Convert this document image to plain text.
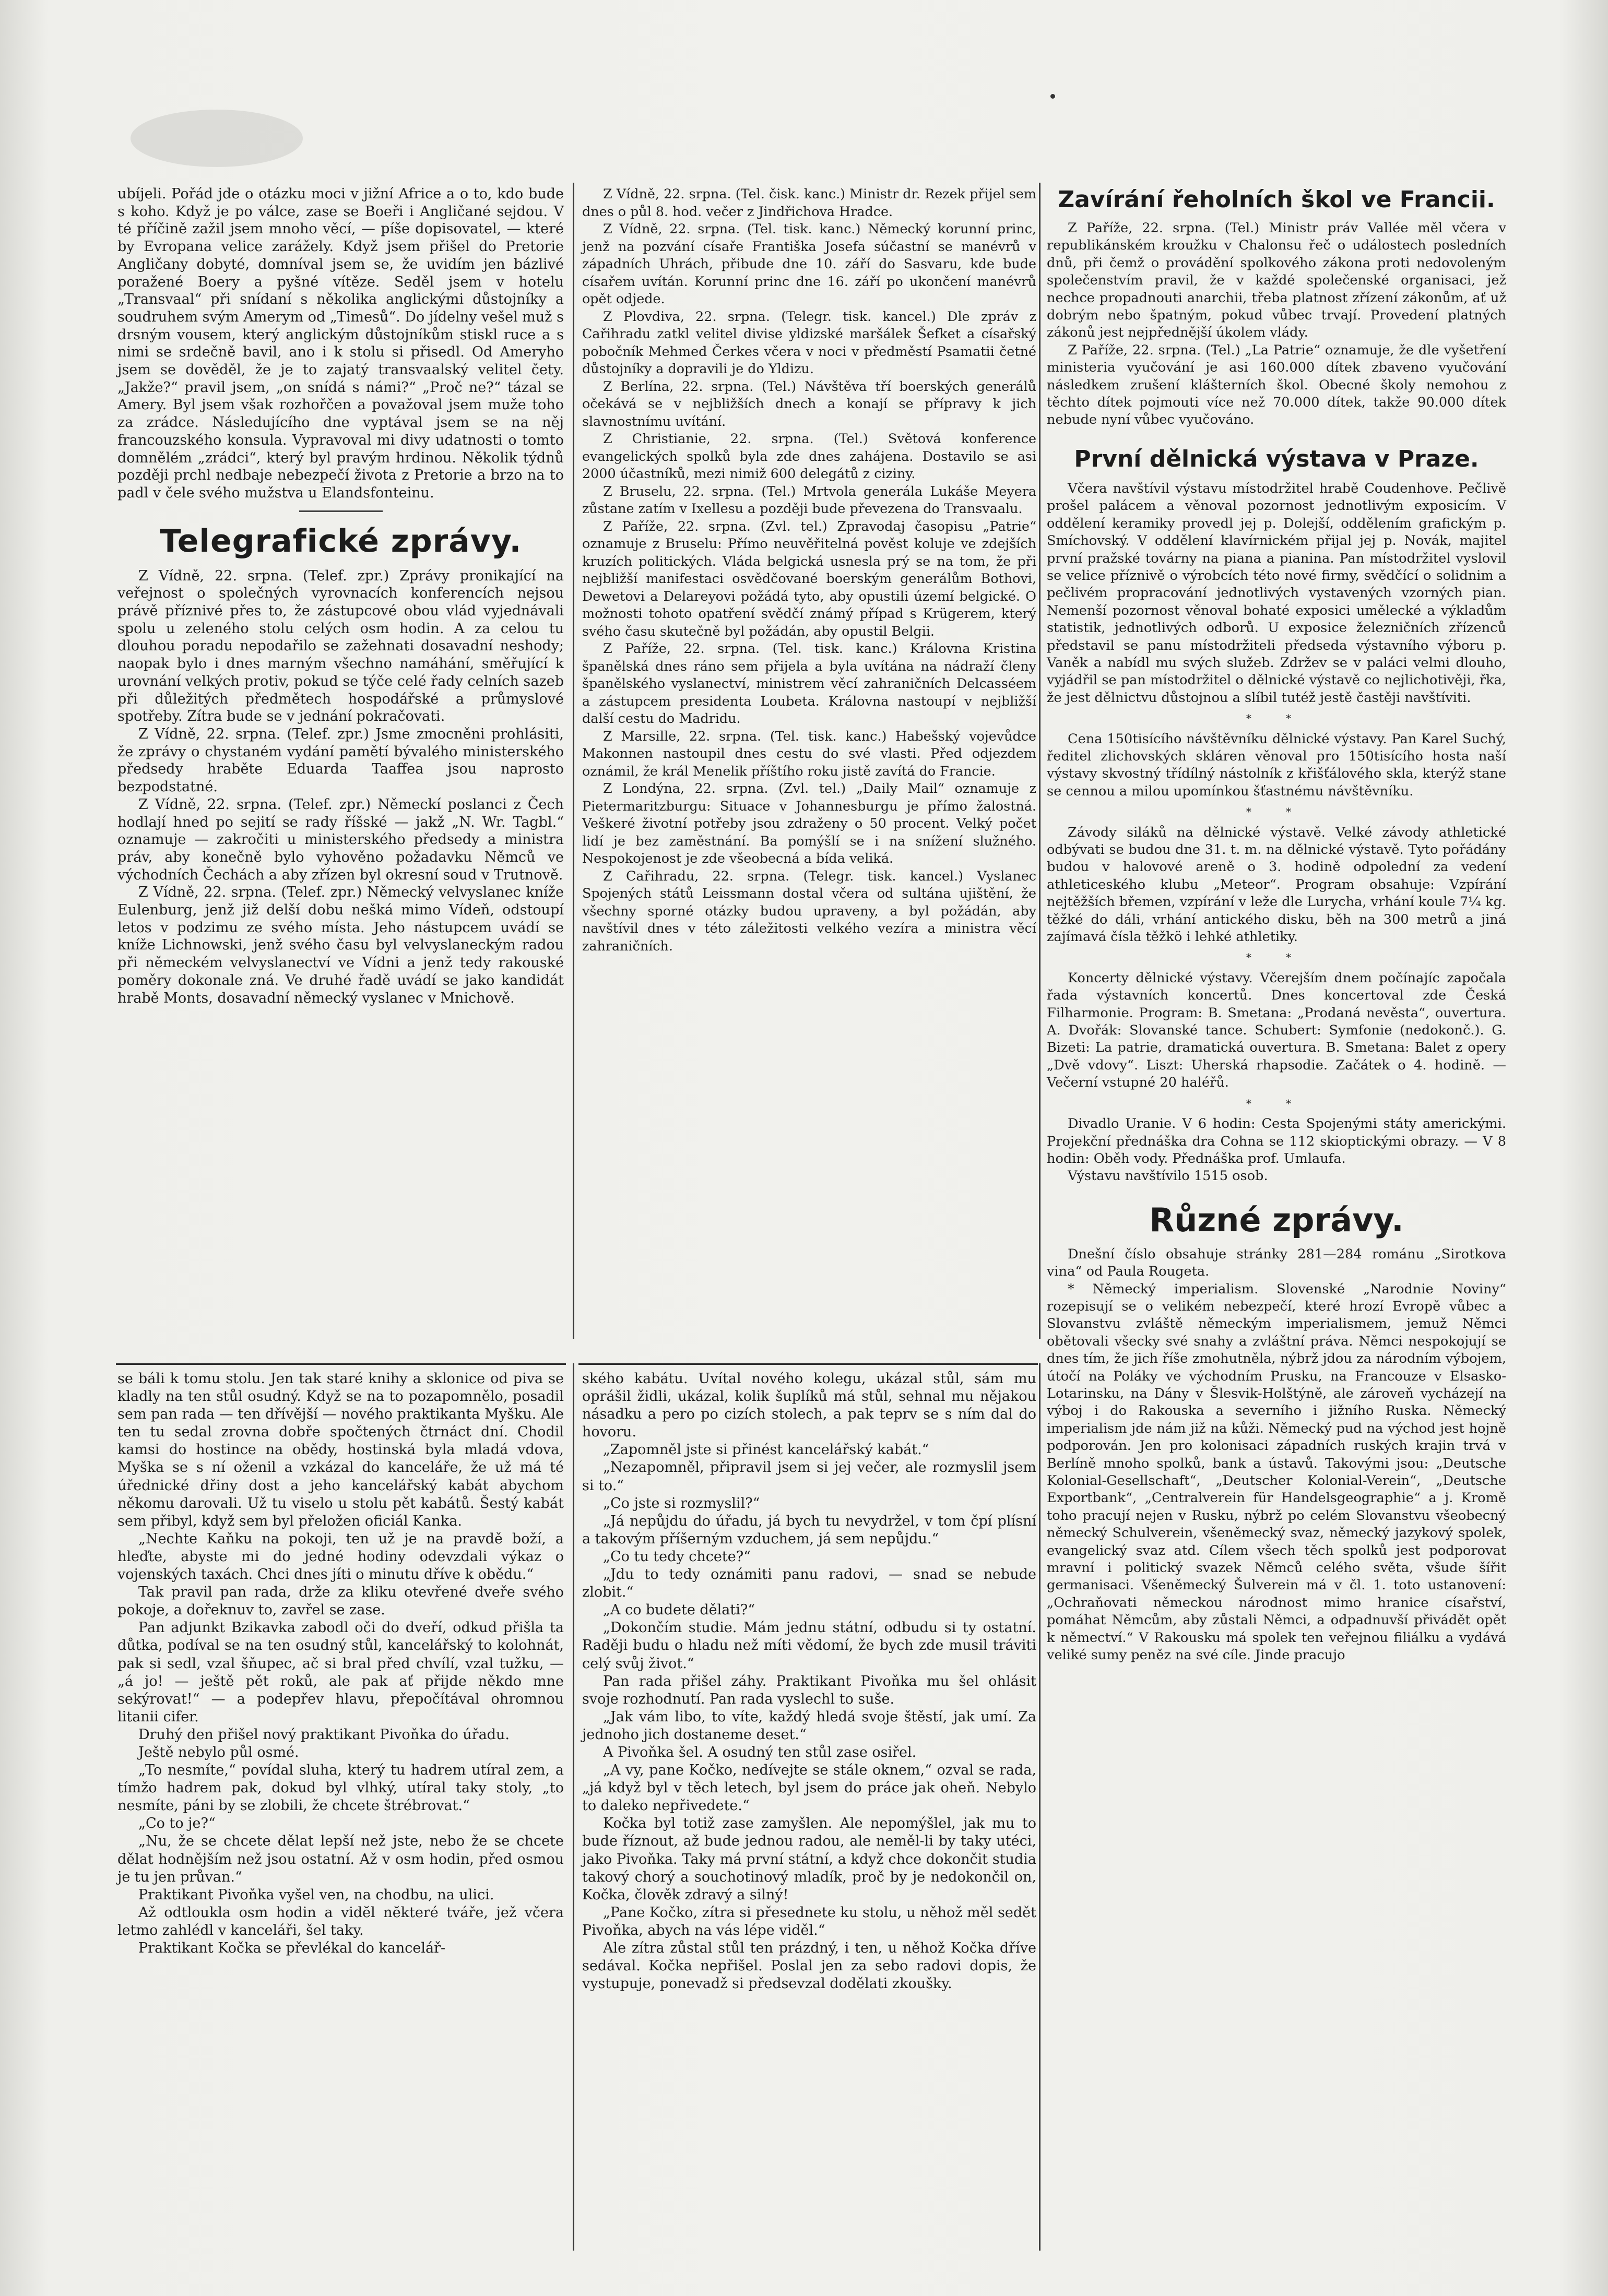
ubíjeli. Pořád jde o otázku moci v jižní Africe a o to, kdo bude s koho. Když je po válce, zase se Boeři i Angličané sejdou. V té příčině zažil jsem mnoho věcí, — píše dopisovatel, — které by Evropana velice zarážely. Když jsem přišel do Pretorie Angličany dobyté, domníval jsem se, že uvidím jen bázlivé poražené Boery a pyšné vítěze. Seděl jsem v hotelu „Transvaal“ při snídaní s několika anglickými důstojníky a soudruhem svým Amerym od „Timesů“. Do jídelny vešel muž s drsným vousem, který anglickým důstojníkům stiskl ruce a s nimi se srdečně bavil, ano i k stolu si přisedl. Od Ameryho jsem se dověděl, že je to zajatý transvaalský velitel čety. „Jakže?“ pravil jsem, „on snídá s námi?“ „Proč ne?“ tázal se Amery. Byl jsem však rozhořčen a považoval jsem muže toho za zrádce. Následujícího dne vyptával jsem se na něj francouzského konsula. Vypravoval mi divy udatnosti o tomto domnělém „zrádci“, který byl pravým hrdinou. Několik týdnů později prchl nedbaje nebezpečí života z Pretorie a brzo na to padl v čele svého mužstva u Elandsfonteinu.

Telegrafické zprávy.

Z Vídně, 22. srpna. (Telef. zpr.) Zprávy pronikající na veřejnost o společných vyrovnacích konferencích nejsou právě příznivé přes to, že zástupcové obou vlád vyjednávali spolu u zeleného stolu celých osm hodin. A za celou tu dlouhou poradu nepodařilo se zažehnati dosavadní neshody; naopak bylo i dnes marným všechno namáhání, směřující k urovnání velkých protiv, pokud se týče celé řady celních sazeb při důležitých předmětech hospodářské a průmyslové spotřeby. Zítra bude se v jednání pokračovati.

Z Vídně, 22. srpna. (Telef. zpr.) Jsme zmocněni prohlásiti, že zprávy o chystaném vydání pamětí bývalého ministerského předsedy hraběte Eduarda Taaffea jsou naprosto bezpodstatné.

Z Vídně, 22. srpna. (Telef. zpr.) Německí poslanci z Čech hodlají hned po sejití se rady říšské — jakž „N. Wr. Tagbl.“ oznamuje — zakročiti u ministerského předsedy a ministra práv, aby konečně bylo vyhověno požadavku Němců ve východních Čechách a aby zřízen byl okresní soud v Trutnově.

Z Vídně, 22. srpna. (Telef. zpr.) Německý velvyslanec kníže Eulenburg, jenž již delší dobu nešká mimo Vídeň, odstoupí letos v podzimu ze svého místa. Jeho nástupcem uvádí se kníže Lichnowski, jenž svého času byl velvyslaneckým radou při německém velvyslanectví ve Vídni a jenž tedy rakouské poměry dokonale zná. Ve druhé řadě uvádí se jako kandidát hrabě Monts, dosavadní německý vyslanec v Mnichově.

Z Vídně, 22. srpna. (Tel. čisk. kanc.) Ministr dr. Rezek přijel sem dnes o půl 8. hod. večer z Jindřichova Hradce.

Z Vídně, 22. srpna. (Tel. tisk. kanc.) Německý korunní princ, jenž na pozvání císaře Františka Josefa súčastní se manévrů v západních Uhrách, přibude dne 10. září do Sasvaru, kde bude císařem uvítán. Korunní princ dne 16. září po ukončení manévrů opět odjede.

Z Plovdiva, 22. srpna. (Telegr. tisk. kancel.) Dle zpráv z Cařihradu zatkl velitel divise yldizské maršálek Šefket a císařský pobočník Mehmed Čerkes včera v noci v předměstí Psamatii četné důstojníky a dopravili je do Yldizu.

Z Berlína, 22. srpna. (Tel.) Návštěva tří boerských generálů očekává se v nejbližších dnech a konají se přípravy k jich slavnostnímu uvítání.

Z Christianie, 22. srpna. (Tel.) Světová konference evangelických spolků byla zde dnes zahájena. Dostavilo se asi 2000 účastníků, mezi nimiž 600 delegátů z ciziny.

Z Bruselu, 22. srpna. (Tel.) Mrtvola generála Lukáše Meyera zůstane zatím v Ixellesu a později bude převezena do Transvaalu.

Z Paříže, 22. srpna. (Zvl. tel.) Zpravodaj časopisu „Patrie“ oznamuje z Bruselu: Přímo neuvěřitelná pověst koluje ve zdejších kruzích politických. Vláda belgická usnesla prý se na tom, že při nejbližší manifestaci osvědčované boerským generálům Bothovi, Dewetovi a Delareyovi požádá tyto, aby opustili území belgické. O možnosti tohoto opatření svědčí známý případ s Krügerem, který svého času skutečně byl požádán, aby opustil Belgii.

Z Paříže, 22. srpna. (Tel. tisk. kanc.) Královna Kristina španělská dnes ráno sem přijela a byla uvítána na nádraží členy španělského vyslanectví, ministrem věcí zahraničních Delcasséem a zástupcem presidenta Loubeta. Královna nastoupí v nejbližší další cestu do Madridu.

Z Marsille, 22. srpna. (Tel. tisk. kanc.) Habešský vojevůdce Makonnen nastoupil dnes cestu do své vlasti. Před odjezdem oznámil, že král Menelik příštího roku jistě zavítá do Francie.

Z Londýna, 22. srpna. (Zvl. tel.) „Daily Mail“ oznamuje z Pietermaritzburgu: Situace v Johannesburgu je přímo žalostná. Veškeré životní potřeby jsou zdraženy o 50 procent. Velký počet lidí je bez zaměstnání. Ba pomýšlí se i na snížení služného. Nespokojenost je zde všeobecná a bída veliká.

Z Cařihradu, 22. srpna. (Telegr. tisk. kancel.) Vyslanec Spojených států Leissmann dostal včera od sultána ujištění, že všechny sporné otázky budou upraveny, a byl požádán, aby navštívil dnes v této záležitosti velkého vezíra a ministra věcí zahraničních.

Zavírání řeholních škol ve Francii.

Z Paříže, 22. srpna. (Tel.) Ministr práv Vallée měl včera v republikánském kroužku v Chalonsu řeč o událostech posledních dnů, při čemž o provádění spolkového zákona proti nedovoleným společenstvím pravil, že v každé společenské organisaci, jež nechce propadnouti anarchii, třeba platnost zřízení zákonům, ať už dobrým nebo špatným, pokud vůbec trvají. Provedení platných zákonů jest nejpřednější úkolem vlády.

Z Paříže, 22. srpna. (Tel.) „La Patrie“ oznamuje, že dle vyšetření ministeria vyučování je asi 160.000 dítek zbaveno vyučování následkem zrušení klášterních škol. Obecné školy nemohou z těchto dítek pojmouti více než 70.000 dítek, takže 90.000 dítek nebude nyní vůbec vyučováno.

První dělnická výstava v Praze.

Včera navštívil výstavu místodržitel hrabě Coudenhove. Pečlivě prošel palácem a věnoval pozornost jednotlivým exposicím. V oddělení keramiky provedl jej p. Dolejší, oddělením grafickým p. Smíchovský. V oddělení klavírnickém přijal jej p. Novák, majitel první pražské továrny na piana a pianina. Pan místodržitel vyslovil se velice příznivě o výrobcích této nové firmy, svědčící o solidnim a pečlivém propracování jednotlivých vystavených vzorných pian. Nemenší pozornost věnoval bohaté exposici umělecké a výkladům statistik, jednotlivých odborů. U exposice železničních zřízenců představil se panu místodržiteli předseda výstavního výboru p. Vaněk a nabídl mu svých služeb. Zdržev se v paláci velmi dlouho, vyjádřil se pan místodržitel o dělnické výstavě co nejlichotivěji, řka, že jest dělnictvu důstojnou a slíbil tutéž jestě častěji navštíviti.

* *

Cena 150tisícího návštěvníku dělnické výstavy. Pan Karel Suchý, ředitel zlichovských skláren věnoval pro 150tisícího hosta naší výstavy skvostný třídílný nástolník z křišťálového skla, kterýž stane se cennou a milou upomínkou šťastnému návštěvníku.

* *

Závody siláků na dělnické výstavě. Velké závody athletické odbývati se budou dne 31. t. m. na dělnické výstavě. Tyto pořádány budou v halovové areně o 3. hodině odpolední za vedení athleticeského klubu „Meteor“. Program obsahuje: Vzpírání nejtěžších břemen, vzpírání v leže dle Lurycha, vrhání koule 7¼ kg. těžké do dáli, vrhání antického disku, běh na 300 metrů a jiná zajímavá čísla těžkö i lehké athletiky.

* *

Koncerty dělnické výstavy. Včerejším dnem počínajíc započala řada výstavních koncertů. Dnes koncertoval zde Česká Filharmonie. Program: B. Smetana: „Prodaná nevěsta“, ouvertura. A. Dvořák: Slovanské tance. Schubert: Symfonie (nedokonč.). G. Bizeti: La patrie, dramatická ouvertura. B. Smetana: Balet z opery „Dvě vdovy“. Liszt: Uherská rhapsodie. Začátek o 4. hodině. — Večerní vstupné 20 haléřů.

* *

Divadlo Uranie. V 6 hodin: Cesta Spojenými státy americkými. Projekční přednáška dra Cohna se 112 skioptickými obrazy. — V 8 hodin: Oběh vody. Přednáška prof. Umlaufa.

Výstavu navštívilo 1515 osob.

Různé zprávy.

Dnešní číslo obsahuje stránky 281—284 románu „Sirotkova vina“ od Paula Rougeta.

* Německý imperialism. Slovenské „Narodnie Noviny“ rozepisují se o velikém nebezpečí, které hrozí Evropě vůbec a Slovanstvu zvláště německým imperialismem, jemuž Němci obětovali všecky své snahy a zvláštní práva. Němci nespokojují se dnes tím, že jich říše zmohutněla, nýbrž jdou za národním výbojem, útočí na Poláky ve východním Prusku, na Francouze v Elsasko-Lotarinsku, na Dány v Šlesvik-Holštýně, ale zároveň vycházejí na výboj i do Rakouska a severního i jižního Ruska. Německý imperialism jde nám již na kůži. Německý pud na východ jest hojně podporován. Jen pro kolonisaci západních ruských krajin trvá v Berlíně mnoho spolků, bank a ústavů. Takovými jsou: „Deutsche Kolonial-Gesellschaft“, „Deutscher Kolonial-Verein“, „Deutsche Exportbank“, „Centralverein für Handelsgeographie“ a j. Kromě toho pracují nejen v Rusku, nýbrž po celém Slovanstvu všeobecný německý Schulverein, všeněmecký svaz, německý jazykový spolek, evangelický svaz atd. Cílem všech těch spolků jest podporovat mravní i politický svazek Němců celého světa, všude šířit germanisaci. Všeněmecký Šulverein má v čl. 1. toto ustanovení: „Ochraňovati německou národnost mimo hranice císařství, pomáhat Němcům, aby zůstali Němci, a odpadnuvší přivádět opět k němectví.“ V Rakousku má spolek ten veřejnou filiálku a vydává veliké sumy peněz na své cíle. Jinde pracujo

se báli k tomu stolu. Jen tak staré knihy a sklonice od piva se kladly na ten stůl osudný. Když se na to pozapomnělo, posadil sem pan rada — ten dřívější — nového praktikanta Myšku. Ale ten tu sedal zrovna dobře spočtených čtrnáct dní. Chodil kamsi do hostince na obědy, hostinská byla mladá vdova, Myška se s ní oženil a vzkázal do kanceláře, že už má té úřednické dřiny dost a jeho kancelářský kabát abychom někomu darovali. Už tu viselo u stolu pět kabátů. Šestý kabát sem přibyl, když sem byl přeložen oficiál Kanka.

„Nechte Kaňku na pokoji, ten už je na pravdě boží, a hleďte, abyste mi do jedné hodiny odevzdali výkaz o vojenských taxách. Chci dnes jíti o minutu dříve k obědu.“

Tak pravil pan rada, drže za kliku otevřené dveře svého pokoje, a dořeknuv to, zavřel se zase.

Pan adjunkt Bzikavka zabodl oči do dveří, odkud přišla ta důtka, podíval se na ten osudný stůl, kancelářský to kolohnát, pak si sedl, vzal šňupec, ač si bral před chvílí, vzal tužku, — „á jo! — ještě pět roků, ale pak ať přijde někdo mne sekýrovat!“ — a podepřev hlavu, přepočítával ohromnou litanii cifer.

Druhý den přišel nový praktikant Pivoňka do úřadu.

Ještě nebylo půl osmé.

„To nesmíte,“ povídal sluha, který tu hadrem utíral zem, a tímžo hadrem pak, dokud byl vlhký, utíral taky stoly, „to nesmíte, páni by se zlobili, že chcete štrébrovat.“

„Co to je?“

„Nu, že se chcete dělat lepší než jste, nebo že se chcete dělat hodnějším než jsou ostatní. Až v osm hodin, před osmou je tu jen průvan.“

Praktikant Pivoňka vyšel ven, na chodbu, na ulici.

Až odtloukla osm hodin a vidĕl nĕkteré tváře, jež včera letmo zahlédl v kanceláři, šel taky.

Praktikant Kočka se převlékal do kancelář-

ského kabátu. Uvítal nového kolegu, ukázal stůl, sám mu oprášil židli, ukázal, kolik šuplíků má stůl, sehnal mu nějakou násadku a pero po cizích stolech, a pak teprv se s ním dal do hovoru.

„Zapomněl jste si přinést kancelářský kabát.“

„Nezapomněl, připravil jsem si jej večer, ale rozmyslil jsem si to.“

„Co jste si rozmyslil?“

„Já nepůjdu do úřadu, já bych tu nevydržel, v tom čpí plísní a takovým příšerným vzduchem, já sem nepůjdu.“

„Co tu tedy chcete?“

„Jdu to tedy oznámiti panu radovi, — snad se nebude zlobit.“

„A co budete dělati?“

„Dokončím studie. Mám jednu státní, odbudu si ty ostatní. Raději budu o hladu než míti vědomí, že bych zde musil tráviti celý svůj život.“

Pan rada přišel záhy. Praktikant Pivoňka mu šel ohlásit svoje rozhodnutí. Pan rada vyslechl to suše.

„Jak vám libo, to víte, každý hledá svoje štěstí, jak umí. Za jednoho jich dostaneme deset.“

A Pivoňka šel. A osudný ten stůl zase osiřel.

„A vy, pane Kočko, nedívejte se stále oknem,“ ozval se rada, „já když byl v těch letech, byl jsem do práce jak oheň. Nebylo to daleko nepřivedete.“

Kočka byl totiž zase zamyšlen. Ale nepomýšlel, jak mu to bude říznout, až bude jednou radou, ale neměl-li by taky utéci, jako Pivoňka. Taky má první státní, a když chce dokončit studia takový chorý a souchotinový mladík, proč by je nedokončil on, Kočka, člověk zdravý a silný!

„Pane Kočko, zítra si přesednete ku stolu, u něhož měl sedět Pivoňka, abych na vás lépe viděl.“

Ale zítra zůstal stůl ten prázdný, i ten, u něhož Kočka dříve sedával. Kočka nepřišel. Poslal jen za sebo radovi dopis, že vystupuje, ponevadž si předsevzal dodělati zkoušky.
